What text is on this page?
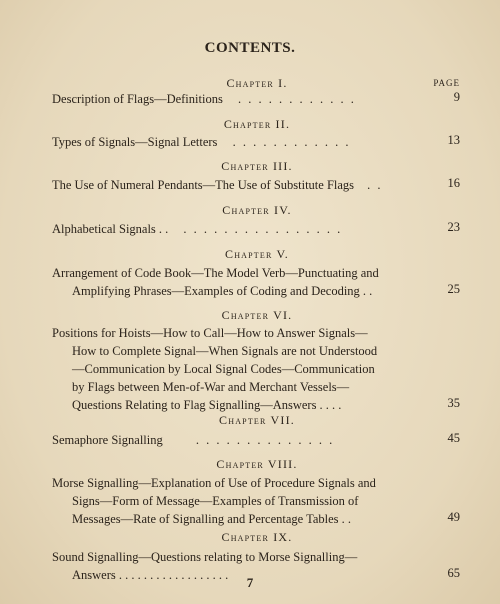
CONTENTS.
PAGE
Chapter I.
Description of Flags—Definitions . . . . . . . . . . . .	9
Chapter II.
Types of Signals—Signal Letters . . . . . . . . . . . .	13
Chapter III.
The Use of Numeral Pendants—The Use of Substitute Flags . .	16
Chapter IV.
Alphabetical Signals . . . . . . . . . . . . . . . . . .	23
Chapter V.
Arrangement of Code Book—The Model Verb—Punctuating and
Amplifying Phrases—Examples of Coding and Decoding . .	25
Chapter VI.
Positions for Hoists—How to Call—How to Answer Signals—
How to Complete Signal—When Signals are not Understood
—Communication by Local Signal Codes—Communication
by Flags between Men-of-War and Merchant Vessels—
Questions Relating to Flag Signalling—Answers . . . .	35
Chapter VII.
Semaphore Signalling	. . . . . . . . . . . . . .	45
Chapter VIII.
Morse Signalling—Explanation of Use of Procedure Signals and
Signs—Form of Message—Examples of Transmission of
Messages—Rate of Signalling and Percentage Tables . .	49
Chapter IX.
Sound Signalling—Questions relating to Morse Signalling—
Answers . . . . . . . . . . . . . . . . . .	65
7
